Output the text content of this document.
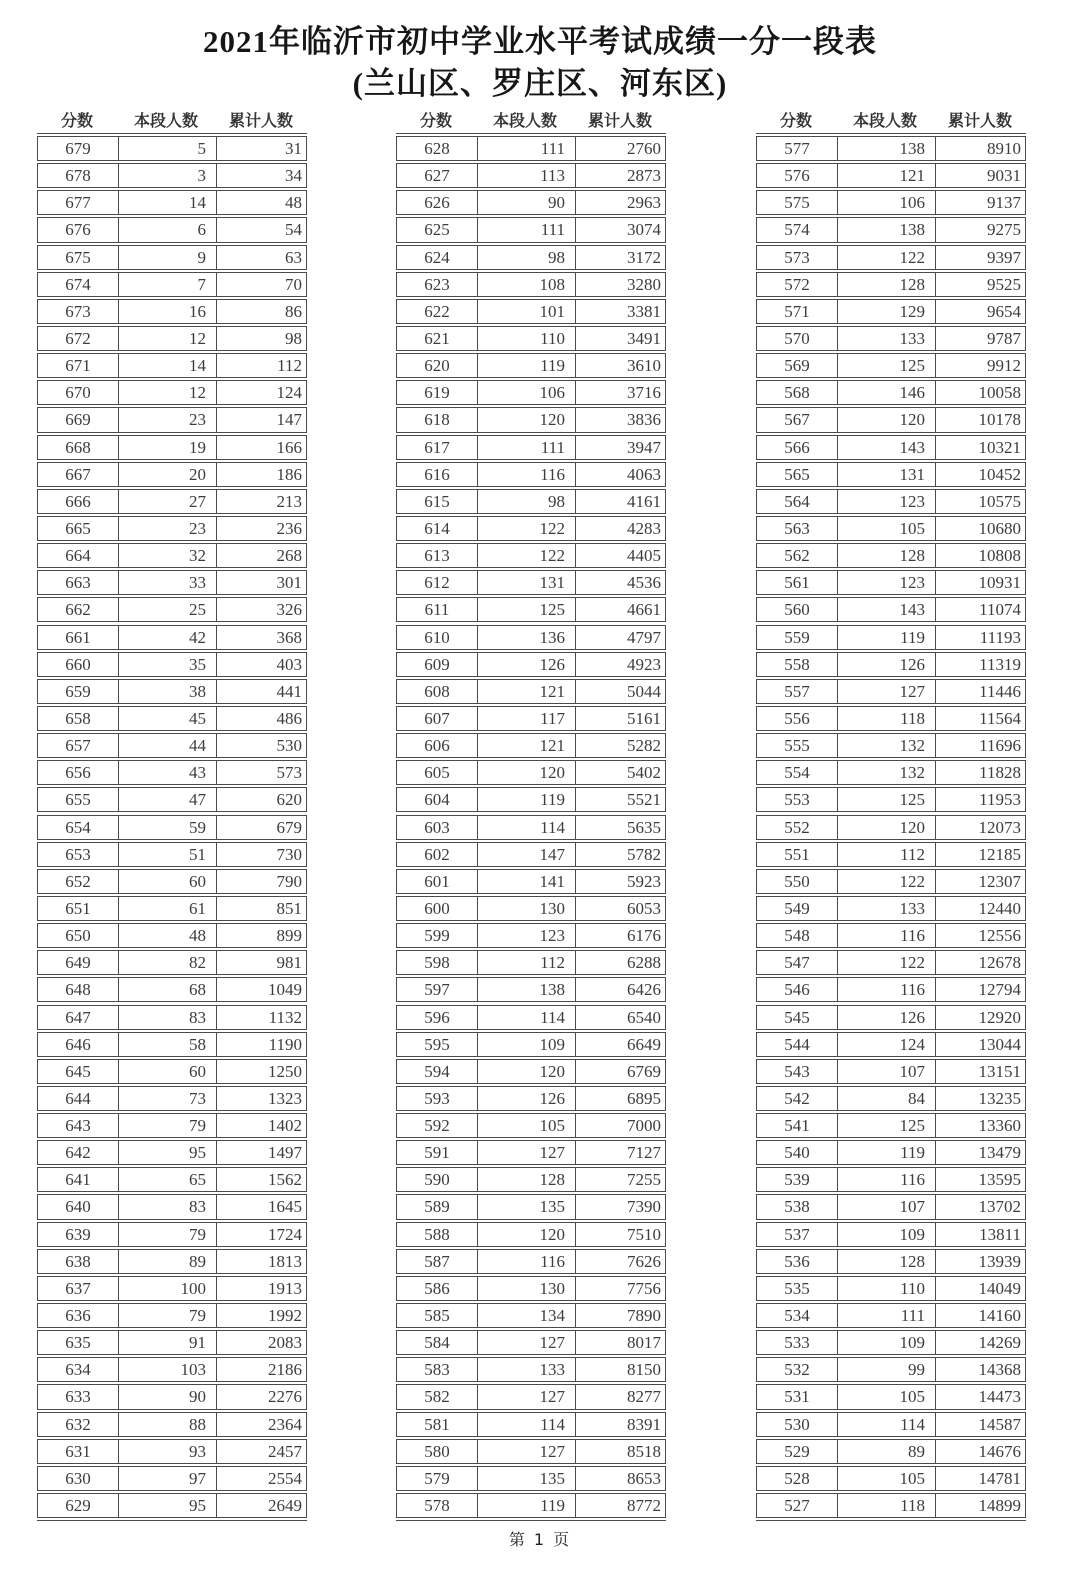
2021年临沂市初中学业水平考试成绩一分一段表
(兰山区、罗庄区、河东区)
分数	本段人数	累计人数
679	5	31
678	3	34
677	14	48
676	6	54
675	9	63
674	7	70
673	16	86
672	12	98
671	14	112
670	12	124
669	23	147
668	19	166
667	20	186
666	27	213
665	23	236
664	32	268
663	33	301
662	25	326
661	42	368
660	35	403
659	38	441
658	45	486
657	44	530
656	43	573
655	47	620
654	59	679
653	51	730
652	60	790
651	61	851
650	48	899
649	82	981
648	68	1049
647	83	1132
646	58	1190
645	60	1250
644	73	1323
643	79	1402
642	95	1497
641	65	1562
640	83	1645
639	79	1724
638	89	1813
637	100	1913
636	79	1992
635	91	2083
634	103	2186
633	90	2276
632	88	2364
631	93	2457
630	97	2554
629	95	2649
分数	本段人数	累计人数
628	111	2760
627	113	2873
626	90	2963
625	111	3074
624	98	3172
623	108	3280
622	101	3381
621	110	3491
620	119	3610
619	106	3716
618	120	3836
617	111	3947
616	116	4063
615	98	4161
614	122	4283
613	122	4405
612	131	4536
611	125	4661
610	136	4797
609	126	4923
608	121	5044
607	117	5161
606	121	5282
605	120	5402
604	119	5521
603	114	5635
602	147	5782
601	141	5923
600	130	6053
599	123	6176
598	112	6288
597	138	6426
596	114	6540
595	109	6649
594	120	6769
593	126	6895
592	105	7000
591	127	7127
590	128	7255
589	135	7390
588	120	7510
587	116	7626
586	130	7756
585	134	7890
584	127	8017
583	133	8150
582	127	8277
581	114	8391
580	127	8518
579	135	8653
578	119	8772
分数	本段人数	累计人数
577	138	8910
576	121	9031
575	106	9137
574	138	9275
573	122	9397
572	128	9525
571	129	9654
570	133	9787
569	125	9912
568	146	10058
567	120	10178
566	143	10321
565	131	10452
564	123	10575
563	105	10680
562	128	10808
561	123	10931
560	143	11074
559	119	11193
558	126	11319
557	127	11446
556	118	11564
555	132	11696
554	132	11828
553	125	11953
552	120	12073
551	112	12185
550	122	12307
549	133	12440
548	116	12556
547	122	12678
546	116	12794
545	126	12920
544	124	13044
543	107	13151
542	84	13235
541	125	13360
540	119	13479
539	116	13595
538	107	13702
537	109	13811
536	128	13939
535	110	14049
534	111	14160
533	109	14269
532	99	14368
531	105	14473
530	114	14587
529	89	14676
528	105	14781
527	118	14899
第 1 页
